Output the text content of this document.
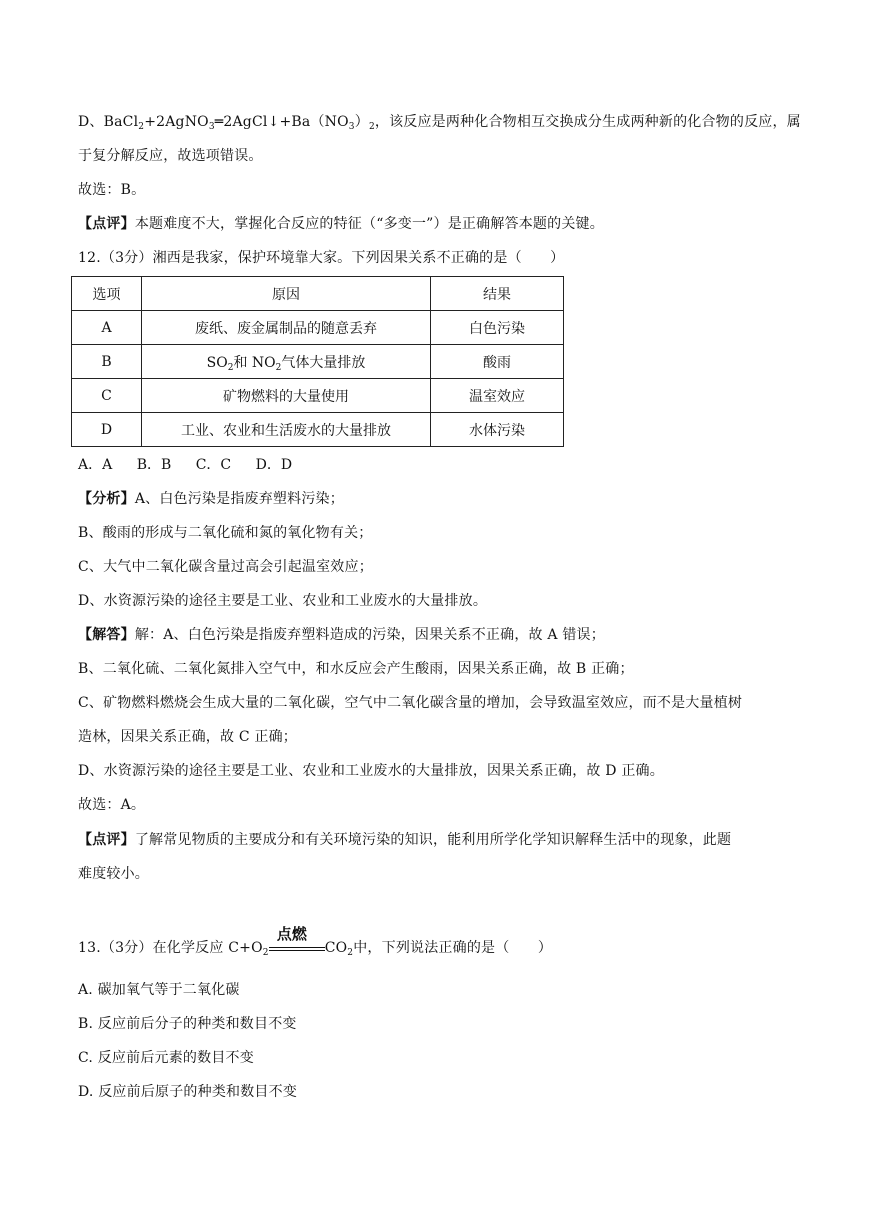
D、$BaCl_2+2AgNO_3═2AgCl↓+Ba(NO_3)_2$，该反应是两种化合物相互交换成分生成两种新的化合物的反应，属
于复分解反应，故选项错误。
故选：B。
【点评】本题难度不大，掌握化合反应的特征（“多变一”）是正确解答本题的关键。
12.（3分）湘西是我家，保护环境靠大家。下列因果关系不正确的是（　　）
选项	原因	结果
A	废纸、废金属制品的随意丢弃	白色污染
B	$SO_2$和 $NO_2$气体大量排放	酸雨
C	矿物燃料的大量使用	温室效应
D	工业、农业和生活废水的大量排放	水体污染
A．A B．B C．C D．D
【分析】A、白色污染是指废弃塑料污染；
B、酸雨的形成与二氧化硫和氮的氧化物有关；
C、大气中二氧化碳含量过高会引起温室效应；
D、水资源污染的途径主要是工业、农业和工业废水的大量排放。
【解答】解：A、白色污染是指废弃塑料造成的污染，因果关系不正确，故 A 错误；
B、二氧化硫、二氧化氮排入空气中，和水反应会产生酸雨，因果关系正确，故 B 正确；
C、矿物燃料燃烧会生成大量的二氧化碳，空气中二氧化碳含量的增加，会导致温室效应，而不是大量植树
造林，因果关系正确，故 C 正确；
D、水资源污染的途径主要是工业、农业和工业废水的大量排放，因果关系正确，故 D 正确。
故选：A。
【点评】了解常见物质的主要成分和有关环境污染的知识，能利用所学化学知识解释生活中的现象，此题
难度较小。
13.（3分）在化学反应 $C+O_2$
点燃
$CO_2$中，下列说法正确的是（　　）
A. 碳加氧气等于二氧化碳
B. 反应前后分子的种类和数目不变
C. 反应前后元素的数目不变
D. 反应前后原子的种类和数目不变
